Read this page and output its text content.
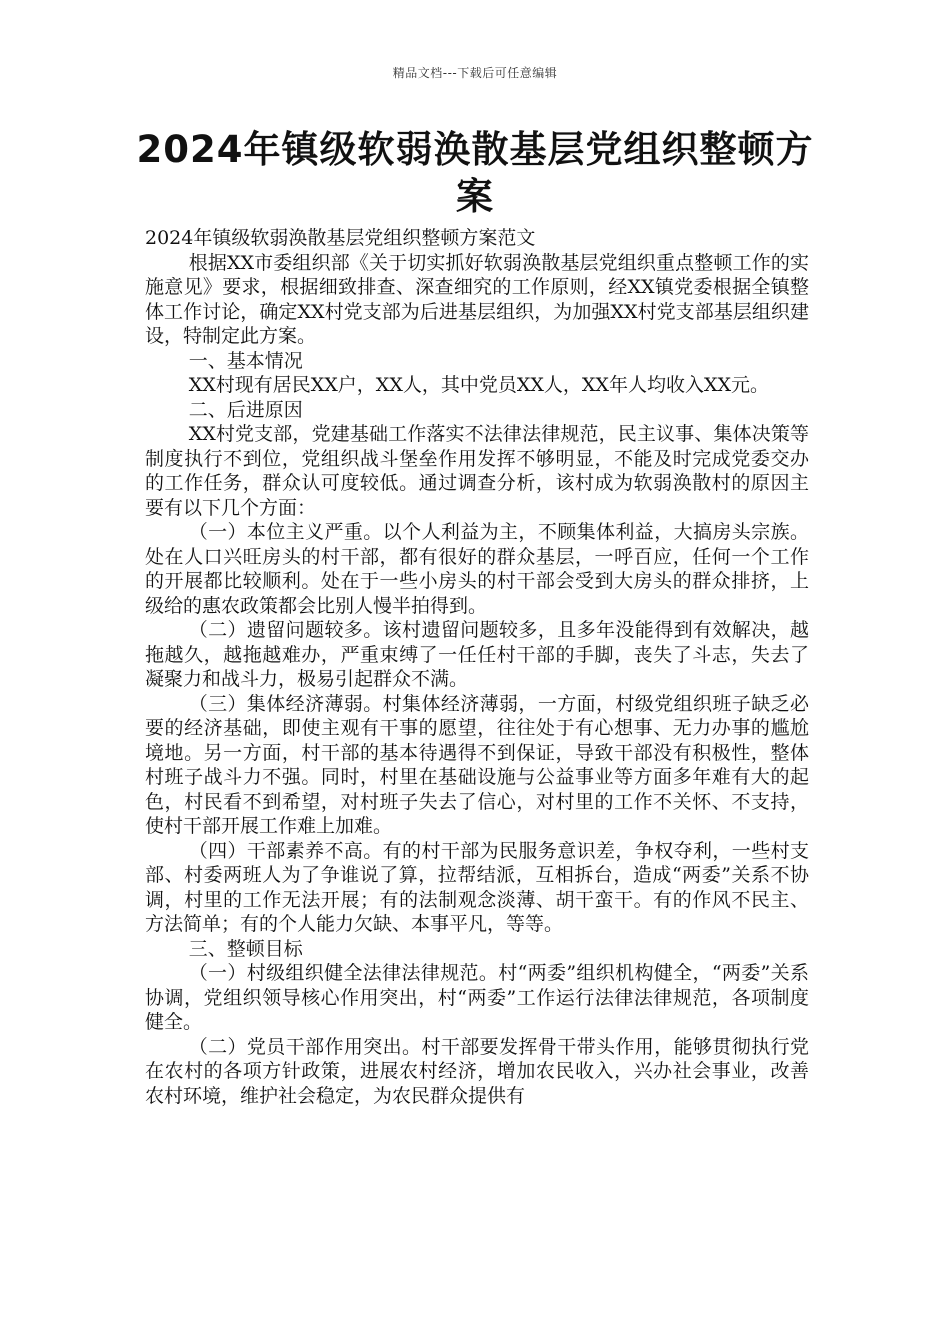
精品文档---下载后可任意编辑
2024年镇级软弱涣散基层党组织整顿方案

2024年镇级软弱涣散基层党组织整顿方案范文

根据XX市委组织部《关于切实抓好软弱涣散基层党组织重点整顿工作的实施意见》要求，根据细致排查、深查细究的工作原则，经XX镇党委根据全镇整体工作讨论，确定XX村党支部为后进基层组织，为加强XX村党支部基层组织建设，特制定此方案。

一、基本情况

XX村现有居民XX户，XX人，其中党员XX人，XX年人均收入XX元。

二、后进原因

XX村党支部，党建基础工作落实不法律法律规范，民主议事、集体决策等制度执行不到位，党组织战斗堡垒作用发挥不够明显，不能及时完成党委交办的工作任务，群众认可度较低。通过调查分析，该村成为软弱涣散村的原因主要有以下几个方面：

（一）本位主义严重。以个人利益为主，不顾集体利益，大搞房头宗族。处在人口兴旺房头的村干部，都有很好的群众基层，一呼百应，任何一个工作的开展都比较顺利。处在于一些小房头的村干部会受到大房头的群众排挤，上级给的惠农政策都会比别人慢半拍得到。

（二）遗留问题较多。该村遗留问题较多，且多年没能得到有效解决，越拖越久，越拖越难办，严重束缚了一任任村干部的手脚，丧失了斗志，失去了凝聚力和战斗力，极易引起群众不满。

（三）集体经济薄弱。村集体经济薄弱，一方面，村级党组织班子缺乏必要的经济基础，即使主观有干事的愿望，往往处于有心想事、无力办事的尴尬境地。另一方面，村干部的基本待遇得不到保证，导致干部没有积极性，整体村班子战斗力不强。同时，村里在基础设施与公益事业等方面多年难有大的起色，村民看不到希望，对村班子失去了信心，对村里的工作不关怀、不支持，使村干部开展工作难上加难。

（四）干部素养不高。有的村干部为民服务意识差，争权夺利，一些村支部、村委两班人为了争谁说了算，拉帮结派，互相拆台，造成“两委”关系不协调，村里的工作无法开展；有的法制观念淡薄、胡干蛮干。有的作风不民主、方法简单；有的个人能力欠缺、本事平凡，等等。

三、整顿目标

（一）村级组织健全法律法律规范。村“两委”组织机构健全，“两委”关系协调，党组织领导核心作用突出，村“两委”工作运行法律法律规范，各项制度健全。

（二）党员干部作用突出。村干部要发挥骨干带头作用，能够贯彻执行党在农村的各项方针政策，进展农村经济，增加农民收入，兴办社会事业，改善农村环境，维护社会稳定，为农民群众提供有
